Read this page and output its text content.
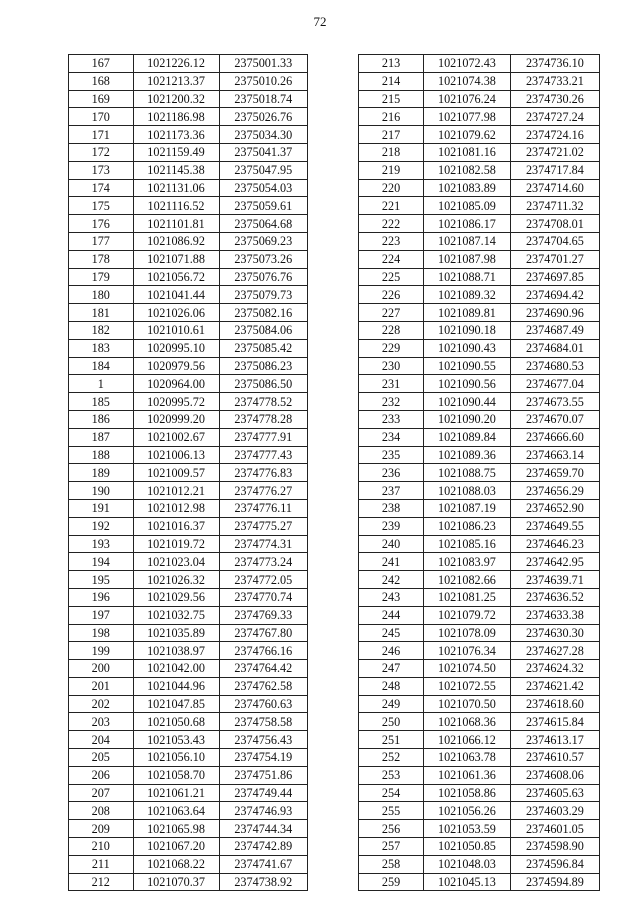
72
167	1021226.12	2375001.33
168	1021213.37	2375010.26
169	1021200.32	2375018.74
170	1021186.98	2375026.76
171	1021173.36	2375034.30
172	1021159.49	2375041.37
173	1021145.38	2375047.95
174	1021131.06	2375054.03
175	1021116.52	2375059.61
176	1021101.81	2375064.68
177	1021086.92	2375069.23
178	1021071.88	2375073.26
179	1021056.72	2375076.76
180	1021041.44	2375079.73
181	1021026.06	2375082.16
182	1021010.61	2375084.06
183	1020995.10	2375085.42
184	1020979.56	2375086.23
1	1020964.00	2375086.50
185	1020995.72	2374778.52
186	1020999.20	2374778.28
187	1021002.67	2374777.91
188	1021006.13	2374777.43
189	1021009.57	2374776.83
190	1021012.21	2374776.27
191	1021012.98	2374776.11
192	1021016.37	2374775.27
193	1021019.72	2374774.31
194	1021023.04	2374773.24
195	1021026.32	2374772.05
196	1021029.56	2374770.74
197	1021032.75	2374769.33
198	1021035.89	2374767.80
199	1021038.97	2374766.16
200	1021042.00	2374764.42
201	1021044.96	2374762.58
202	1021047.85	2374760.63
203	1021050.68	2374758.58
204	1021053.43	2374756.43
205	1021056.10	2374754.19
206	1021058.70	2374751.86
207	1021061.21	2374749.44
208	1021063.64	2374746.93
209	1021065.98	2374744.34
210	1021067.20	2374742.89
211	1021068.22	2374741.67
212	1021070.37	2374738.92
213	1021072.43	2374736.10
214	1021074.38	2374733.21
215	1021076.24	2374730.26
216	1021077.98	2374727.24
217	1021079.62	2374724.16
218	1021081.16	2374721.02
219	1021082.58	2374717.84
220	1021083.89	2374714.60
221	1021085.09	2374711.32
222	1021086.17	2374708.01
223	1021087.14	2374704.65
224	1021087.98	2374701.27
225	1021088.71	2374697.85
226	1021089.32	2374694.42
227	1021089.81	2374690.96
228	1021090.18	2374687.49
229	1021090.43	2374684.01
230	1021090.55	2374680.53
231	1021090.56	2374677.04
232	1021090.44	2374673.55
233	1021090.20	2374670.07
234	1021089.84	2374666.60
235	1021089.36	2374663.14
236	1021088.75	2374659.70
237	1021088.03	2374656.29
238	1021087.19	2374652.90
239	1021086.23	2374649.55
240	1021085.16	2374646.23
241	1021083.97	2374642.95
242	1021082.66	2374639.71
243	1021081.25	2374636.52
244	1021079.72	2374633.38
245	1021078.09	2374630.30
246	1021076.34	2374627.28
247	1021074.50	2374624.32
248	1021072.55	2374621.42
249	1021070.50	2374618.60
250	1021068.36	2374615.84
251	1021066.12	2374613.17
252	1021063.78	2374610.57
253	1021061.36	2374608.06
254	1021058.86	2374605.63
255	1021056.26	2374603.29
256	1021053.59	2374601.05
257	1021050.85	2374598.90
258	1021048.03	2374596.84
259	1021045.13	2374594.89
